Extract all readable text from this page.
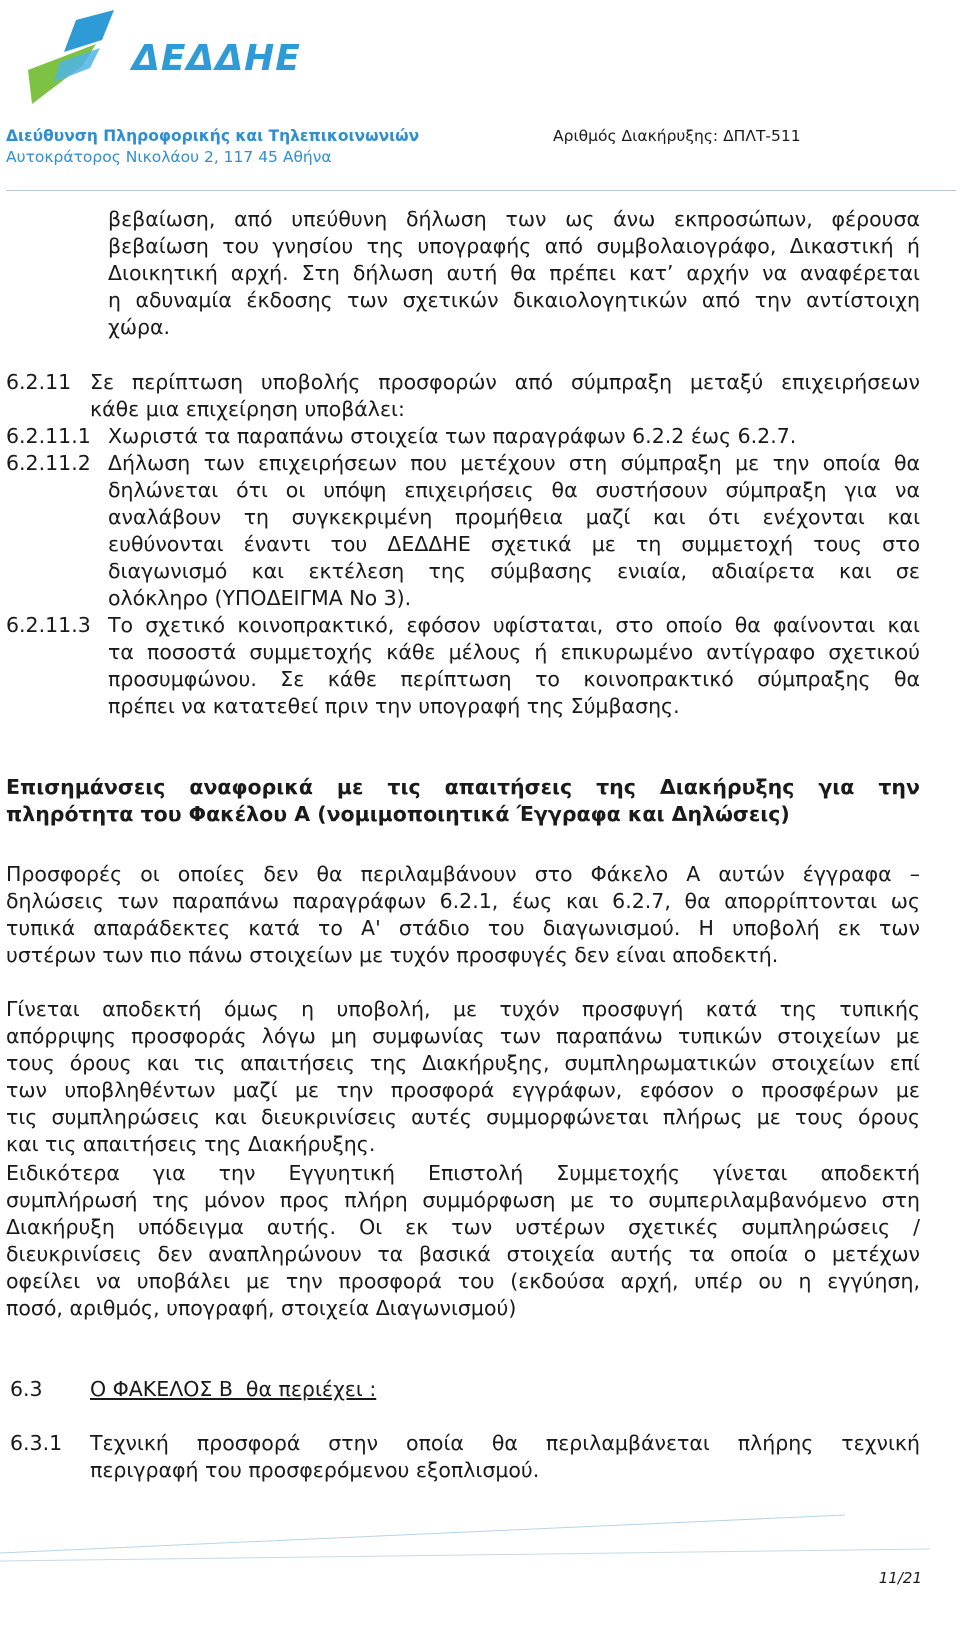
ΔΕΔΔΗΕ
Διεύθυνση Πληροφορικής και Τηλεπικοινωνιών
Αυτοκράτορος Νικολάου 2, 117 45 Αθήνα
Αριθμός Διακήρυξης: ΔΠΛΤ-511
βεβαίωση, από υπεύθυνη δήλωση των ως άνω εκπροσώπων, φέρουσα
βεβαίωση του γνησίου της υπογραφής από συμβολαιογράφο, Δικαστική ή
Διοικητική αρχή. Στη δήλωση αυτή θα πρέπει κατ’ αρχήν να αναφέρεται
η αδυναμία έκδοσης των σχετικών δικαιολογητικών από την αντίστοιχη
χώρα.
6.2.11 Σε περίπτωση υποβολής προσφορών από σύμπραξη μεταξύ επιχειρήσεων
κάθε μια επιχείρηση υποβάλει:
6.2.11.1 Χωριστά τα παραπάνω στοιχεία των παραγράφων 6.2.2 έως 6.2.7.
6.2.11.2 Δήλωση των επιχειρήσεων που μετέχουν στη σύμπραξη με την οποία θα
δηλώνεται ότι οι υπόψη επιχειρήσεις θα συστήσουν σύμπραξη για να
αναλάβουν τη συγκεκριμένη προμήθεια μαζί και ότι ενέχονται και
ευθύνονται έναντι του ΔΕΔΔΗΕ σχετικά με τη συμμετοχή τους στο
διαγωνισμό και εκτέλεση της σύμβασης ενιαία, αδιαίρετα και σε
ολόκληρο (ΥΠΟΔΕΙΓΜΑ Νο 3).
6.2.11.3 Το σχετικό κοινοπρακτικό, εφόσον υφίσταται, στο οποίο θα φαίνονται και
τα ποσοστά συμμετοχής κάθε μέλους ή επικυρωμένο αντίγραφο σχετικού
προσυμφώνου. Σε κάθε περίπτωση το κοινοπρακτικό σύμπραξης θα
πρέπει να κατατεθεί πριν την υπογραφή της Σύμβασης.
Επισημάνσεις αναφορικά με τις απαιτήσεις της Διακήρυξης για την
πληρότητα του Φακέλου Α (νομιμοποιητικά Έγγραφα και Δηλώσεις)
Προσφορές οι οποίες δεν θα περιλαμβάνουν στο Φάκελο Α αυτών έγγραφα –
δηλώσεις των παραπάνω παραγράφων 6.2.1, έως και 6.2.7, θα απορρίπτονται ως
τυπικά απαράδεκτες κατά το Α' στάδιο του διαγωνισμού. Η υποβολή εκ των
υστέρων των πιο πάνω στοιχείων με τυχόν προσφυγές δεν είναι αποδεκτή.
Γίνεται αποδεκτή όμως η υποβολή, με τυχόν προσφυγή κατά της τυπικής
απόρριψης προσφοράς λόγω μη συμφωνίας των παραπάνω τυπικών στοιχείων με
τους όρους και τις απαιτήσεις της Διακήρυξης, συμπληρωματικών στοιχείων επί
των υποβληθέντων μαζί με την προσφορά εγγράφων, εφόσον ο προσφέρων με
τις συμπληρώσεις και διευκρινίσεις αυτές συμμορφώνεται πλήρως με τους όρους
και τις απαιτήσεις της Διακήρυξης.
Ειδικότερα για την Εγγυητική Επιστολή Συμμετοχής γίνεται αποδεκτή
συμπλήρωσή της μόνον προς πλήρη συμμόρφωση με το συμπεριλαμβανόμενο στη
Διακήρυξη υπόδειγμα αυτής. Οι εκ των υστέρων σχετικές συμπληρώσεις /
διευκρινίσεις δεν αναπληρώνουν τα βασικά στοιχεία αυτής τα οποία ο μετέχων
οφείλει να υποβάλει με την προσφορά του (εκδούσα αρχή, υπέρ ου η εγγύηση,
ποσό, αριθμός, υπογραφή, στοιχεία Διαγωνισμού)
6.3 Ο ΦΑΚΕΛΟΣ Β  θα περιέχει :
6.3.1 Τεχνική προσφορά στην οποία θα περιλαμβάνεται πλήρης τεχνική
περιγραφή του προσφερόμενου εξοπλισμού.
11/21
